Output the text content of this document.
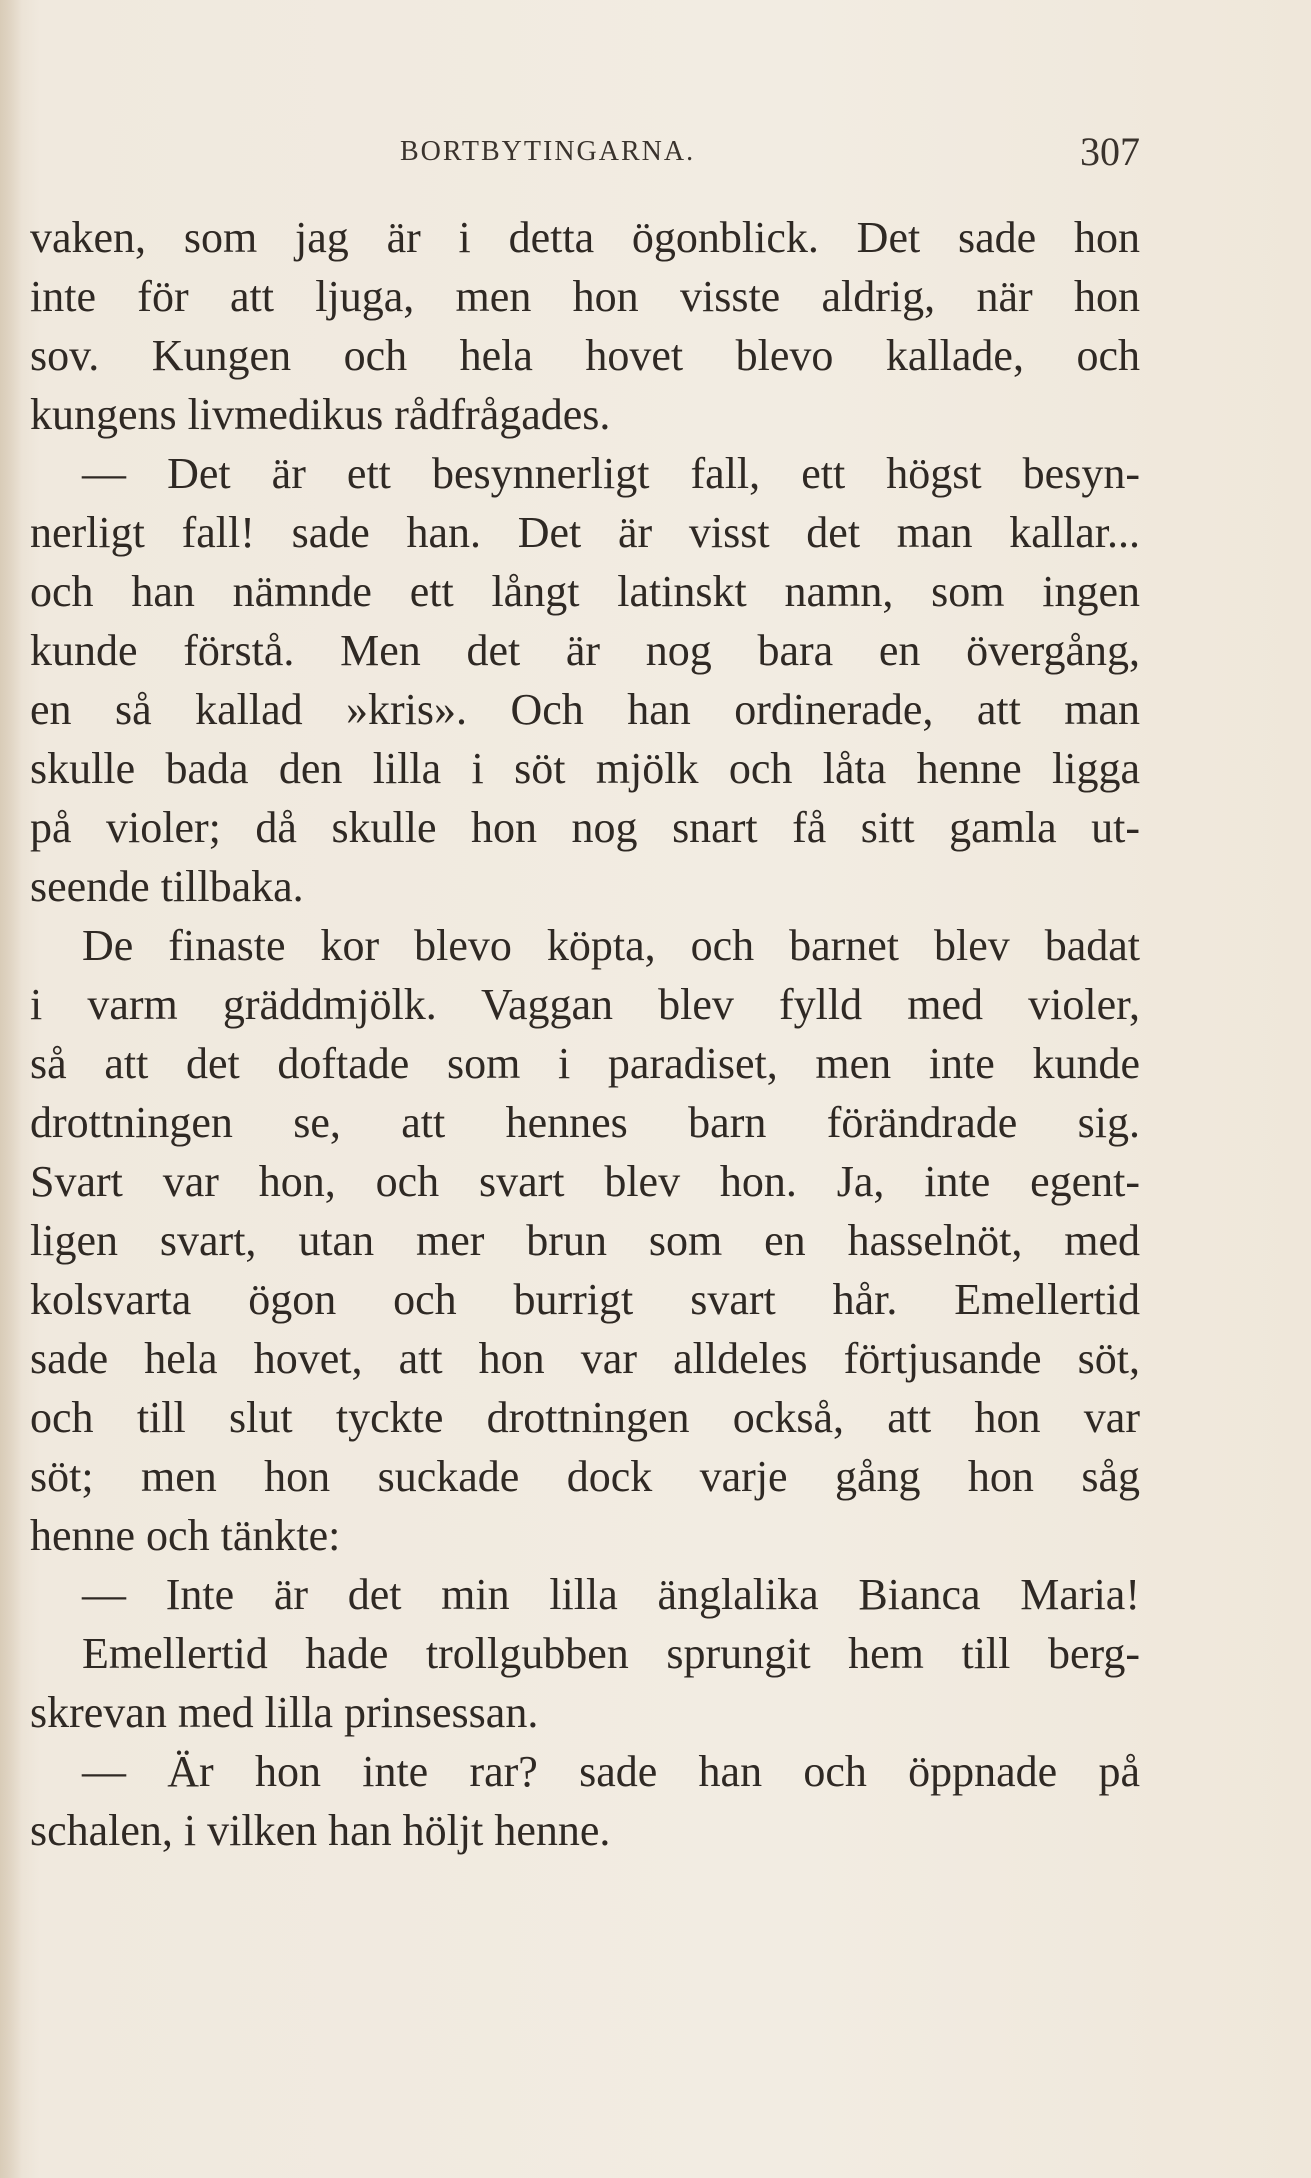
BORTBYTINGARNA.	307
vaken, som jag är i detta ögonblick. Det sade hon
inte för att ljuga, men hon visste aldrig, när hon
sov. Kungen och hela hovet blevo kallade, och
kungens livmedikus rådfrågades.
— Det är ett besynnerligt fall, ett högst besyn-
nerligt fall! sade han. Det är visst det man kallar...
och han nämnde ett långt latinskt namn, som ingen
kunde förstå. Men det är nog bara en övergång,
en så kallad »kris». Och han ordinerade, att man
skulle bada den lilla i söt mjölk och låta henne ligga
på violer; då skulle hon nog snart få sitt gamla ut-
seende tillbaka.
De finaste kor blevo köpta, och barnet blev badat
i varm gräddmjölk. Vaggan blev fylld med violer,
så att det doftade som i paradiset, men inte kunde
drottningen se, att hennes barn förändrade sig.
Svart var hon, och svart blev hon. Ja, inte egent-
ligen svart, utan mer brun som en hasselnöt, med
kolsvarta ögon och burrigt svart hår. Emellertid
sade hela hovet, att hon var alldeles förtjusande söt,
och till slut tyckte drottningen också, att hon var
söt; men hon suckade dock varje gång hon såg
henne och tänkte:
— Inte är det min lilla änglalika Bianca Maria!
Emellertid hade trollgubben sprungit hem till berg-
skrevan med lilla prinsessan.
— Är hon inte rar? sade han och öppnade på
schalen, i vilken han höljt henne.
